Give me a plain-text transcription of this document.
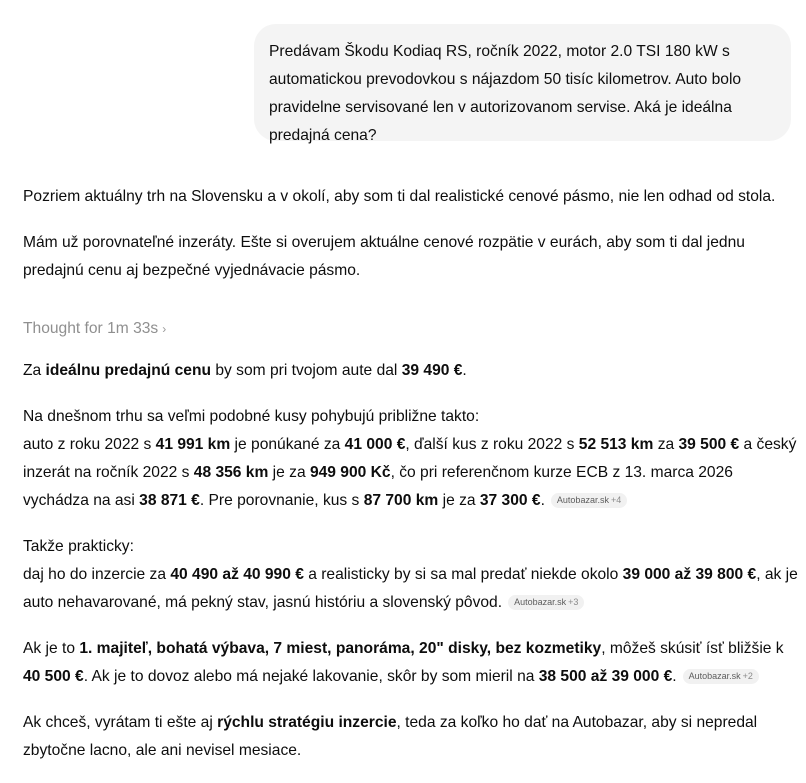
Predávam Škodu Kodiaq RS, ročník 2022, motor 2.0 TSI 180 kW s automatickou prevodovkou s nájazdom 50 tisíc kilometrov. Auto bolo pravidelne servisované len v autorizovanom servise. Aká je ideálna predajná cena?

Pozriem aktuálny trh na Slovensku a v okolí, aby som ti dal realistické cenové pásmo, nie len odhad od stola.

Mám už porovnateľné inzeráty. Ešte si overujem aktuálne cenové rozpätie v eurách, aby som ti dal jednu predajnú cenu aj bezpečné vyjednávacie pásmo.

Thought for 1m 33s ›

Za ideálnu predajnú cenu by som pri tvojom aute dal 39 490 €.

Na dnešnom trhu sa veľmi podobné kusy pohybujú približne takto:
auto z roku 2022 s 41 991 km je ponúkané za 41 000 €, ďalší kus z roku 2022 s 52 513 km za 39 500 € a český inzerát na ročník 2022 s 48 356 km je za 949 900 Kč, čo pri referenčnom kurze ECB z 13. marca 2026 vychádza na asi 38 871 €. Pre porovnanie, kus s 87 700 km je za 37 300 €. Autobazar.sk +4

Takže prakticky:
daj ho do inzercie za 40 490 až 40 990 € a realisticky by si sa mal predať niekde okolo 39 000 až 39 800 €, ak je auto nehavarované, má pekný stav, jasnú históriu a slovenský pôvod. Autobazar.sk +3

Ak je to 1. majiteľ, bohatá výbava, 7 miest, panoráma, 20" disky, bez kozmetiky, môžeš skúsiť ísť bližšie k 40 500 €. Ak je to dovoz alebo má nejaké lakovanie, skôr by som mieril na 38 500 až 39 000 €. Autobazar.sk +2

Ak chceš, vyrátam ti ešte aj rýchlu stratégiu inzercie, teda za koľko ho dať na Autobazar, aby si nepredal zbytočne lacno, ale ani nevisel mesiace.
